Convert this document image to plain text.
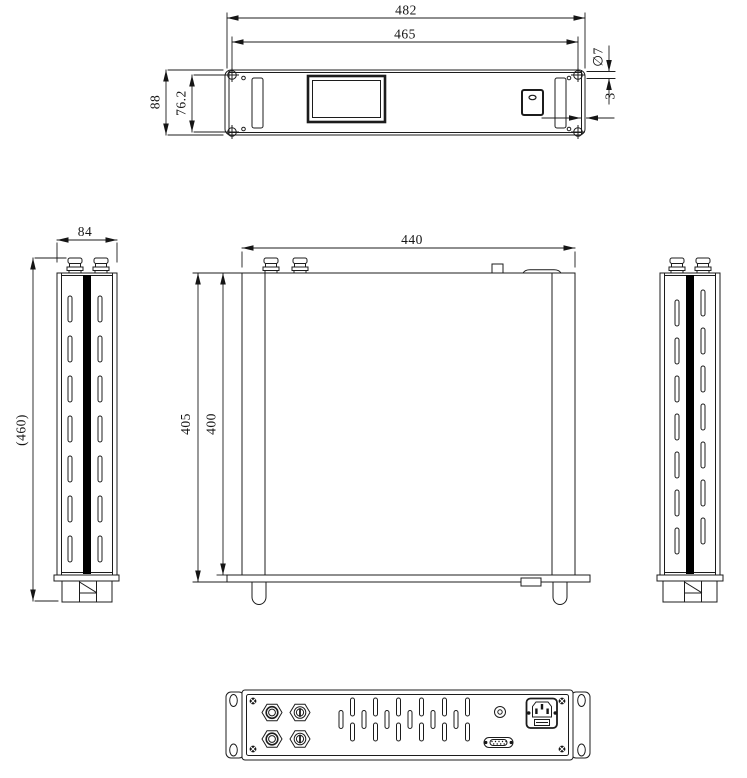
482
465
88 76.2
∅7
3
84
(460)
440
405 400
